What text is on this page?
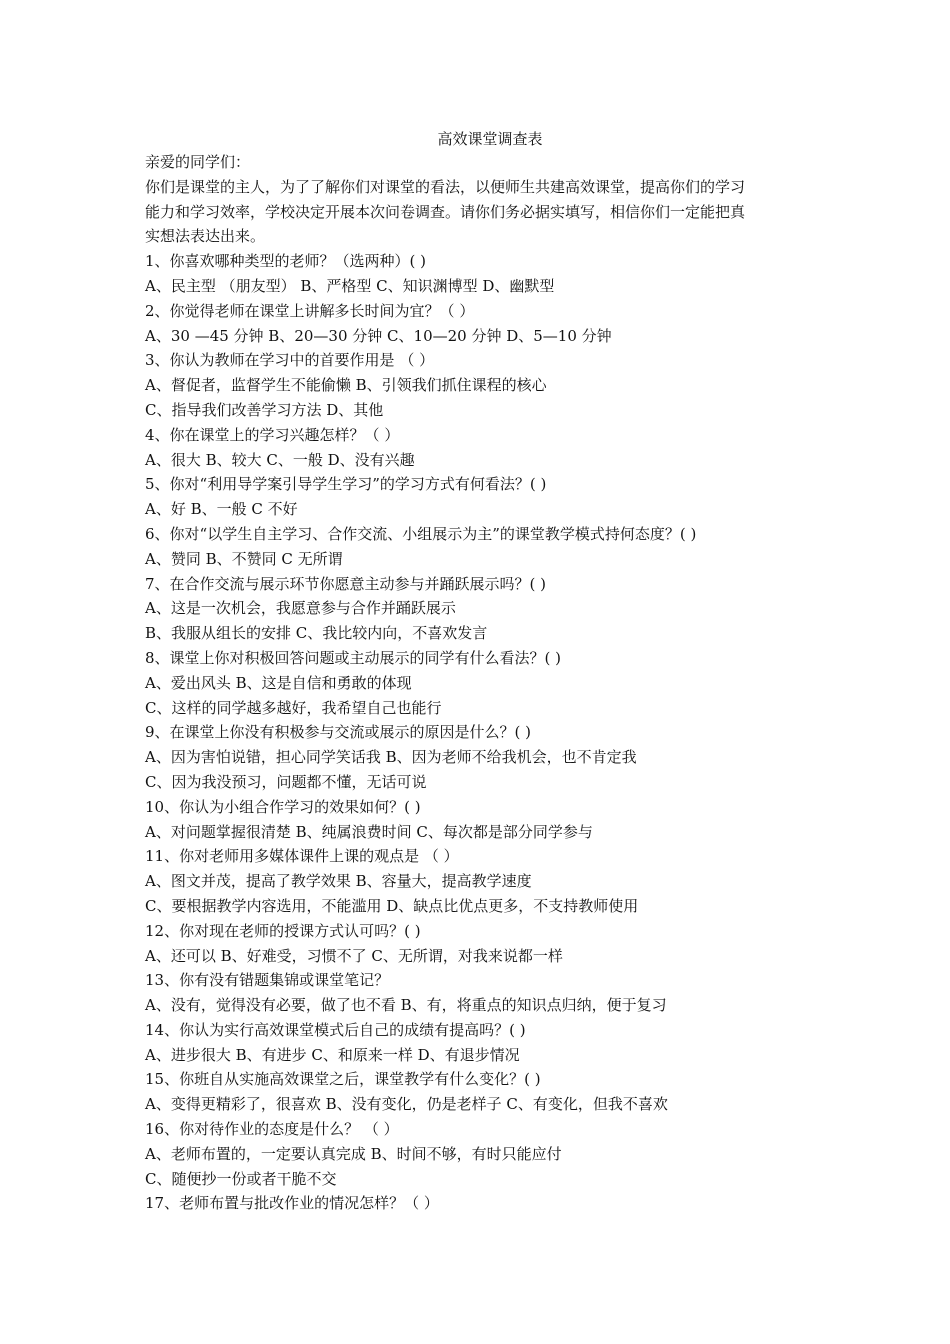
高效课堂调查表
亲爱的同学们：
你们是课堂的主人，为了了解你们对课堂的看法，以便师生共建高效课堂，提高你们的学习
能力和学习效率，学校决定开展本次问卷调查。请你们务必据实填写，相信你们一定能把真
实想法表达出来。
1、你喜欢哪种类型的老师？（选两种）( )
A、民主型 （朋友型） B、严格型 C、知识渊博型 D、幽默型
2、你觉得老师在课堂上讲解多长时间为宜？（ ）
A、30 —45 分钟 B、20—30 分钟 C、10—20 分钟 D、5—10 分钟
3、你认为教师在学习中的首要作用是 （ ）
A、督促者，监督学生不能偷懒 B、引领我们抓住课程的核心
C、指导我们改善学习方法 D、其他
4、你在课堂上的学习兴趣怎样？（ ）
A、很大 B、较大 C、一般 D、没有兴趣
5、你对“利用导学案引导学生学习”的学习方式有何看法？( )
A、好 B、一般 C 不好
6、你对“以学生自主学习、合作交流、小组展示为主”的课堂教学模式持何态度？( )
A、赞同 B、不赞同 C 无所谓
7、在合作交流与展示环节你愿意主动参与并踊跃展示吗？( )
A、这是一次机会，我愿意参与合作并踊跃展示
B、我服从组长的安排 C、我比较内向，不喜欢发言
8、课堂上你对积极回答问题或主动展示的同学有什么看法？( )
A、爱出风头 B、这是自信和勇敢的体现
C、这样的同学越多越好，我希望自己也能行
9、在课堂上你没有积极参与交流或展示的原因是什么？( )
A、因为害怕说错，担心同学笑话我 B、因为老师不给我机会，也不肯定我
C、因为我没预习，问题都不懂，无话可说
10、你认为小组合作学习的效果如何？( )
A、对问题掌握很清楚 B、纯属浪费时间 C、每次都是部分同学参与
11、你对老师用多媒体课件上课的观点是 （ ）
A、图文并茂，提高了教学效果 B、容量大，提高教学速度
C、要根据教学内容选用，不能滥用 D、缺点比优点更多，不支持教师使用
12、你对现在老师的授课方式认可吗？( )
A、还可以 B、好难受，习惯不了 C、无所谓，对我来说都一样
13、你有没有错题集锦或课堂笔记？
A、没有，觉得没有必要，做了也不看 B、有，将重点的知识点归纳，便于复习
14、你认为实行高效课堂模式后自己的成绩有提高吗？( )
A、进步很大 B、有进步 C、和原来一样 D、有退步情况
15、你班自从实施高效课堂之后，课堂教学有什么变化？( )
A、变得更精彩了，很喜欢 B、没有变化，仍是老样子 C、有变化，但我不喜欢
16、你对待作业的态度是什么？ （ ）
A、老师布置的，一定要认真完成 B、时间不够，有时只能应付
C、随便抄一份或者干脆不交
17、老师布置与批改作业的情况怎样？（ ）
